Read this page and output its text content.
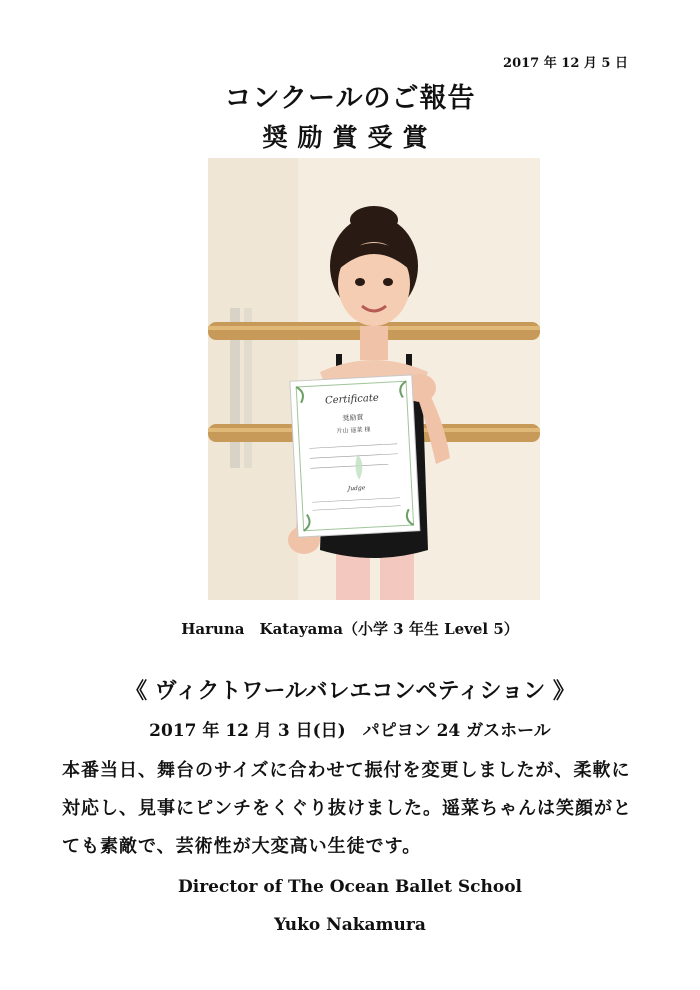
2017 年 12 月 5 日
コンクールのご報告
奨励賞受賞
Certificate
奨励賞
片山 遥菜 様
Judge
Haruna　Katayama（小学 3 年生 Level 5）
《 ヴィクトワールバレエコンペティション 》
2017 年 12 月 3 日(日)　パピヨン 24 ガスホール
本番当日、舞台のサイズに合わせて振付を変更しましたが、柔軟に対応し、見事にピンチをくぐり抜けました。遥菜ちゃんは笑顔がとても素敵で、芸術性が大変高い生徒です。
Director of The Ocean Ballet School
Yuko Nakamura
